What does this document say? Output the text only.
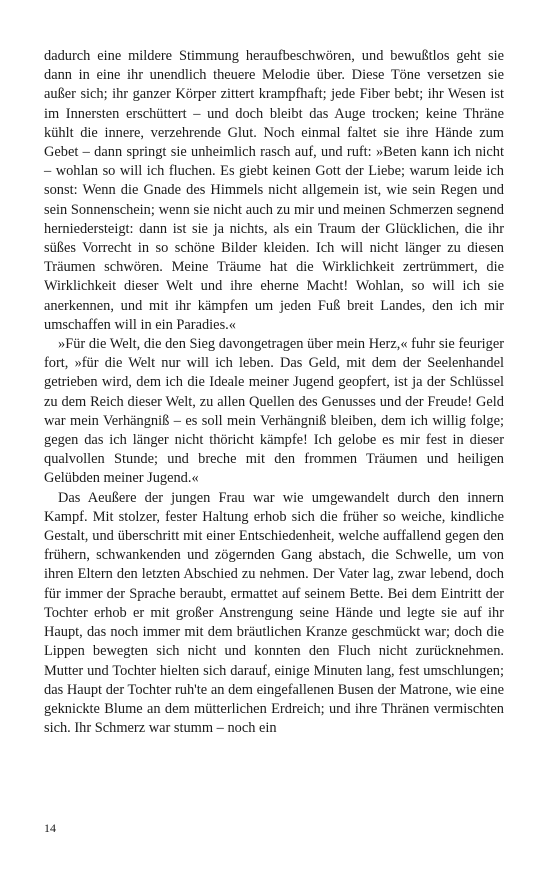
dadurch eine mildere Stimmung heraufbeschwören, und bewußtlos geht sie dann in eine ihr unendlich theuere Melodie über. Diese Töne versetzen sie außer sich; ihr ganzer Körper zittert krampfhaft; jede Fiber bebt; ihr Wesen ist im Innersten erschüttert – und doch bleibt das Auge trocken; keine Thräne kühlt die innere, verzehrende Glut. Noch einmal faltet sie ihre Hände zum Gebet – dann springt sie unheimlich rasch auf, und ruft: »Beten kann ich nicht – wohlan so will ich fluchen. Es giebt keinen Gott der Liebe; warum leide ich sonst: Wenn die Gnade des Himmels nicht allgemein ist, wie sein Regen und sein Sonnenschein; wenn sie nicht auch zu mir und meinen Schmerzen segnend herniedersteigt: dann ist sie ja nichts, als ein Traum der Glücklichen, die ihr süßes Vorrecht in so schöne Bilder kleiden. Ich will nicht länger zu diesen Träumen schwören. Meine Träume hat die Wirklichkeit zertrümmert, die Wirklichkeit dieser Welt und ihre eherne Macht! Wohlan, so will ich sie anerkennen, und mit ihr kämpfen um jeden Fuß breit Landes, den ich mir umschaffen will in ein Paradies.«

»Für die Welt, die den Sieg davongetragen über mein Herz,« fuhr sie feuriger fort, »für die Welt nur will ich leben. Das Geld, mit dem der Seelenhandel getrieben wird, dem ich die Ideale meiner Jugend geopfert, ist ja der Schlüssel zu dem Reich dieser Welt, zu allen Quellen des Genusses und der Freude! Geld war mein Verhängniß – es soll mein Verhängniß bleiben, dem ich willig folge; gegen das ich länger nicht thöricht kämpfe! Ich gelobe es mir fest in dieser qualvollen Stunde; und breche mit den frommen Träumen und heiligen Gelübden meiner Jugend.«

Das Aeußere der jungen Frau war wie umgewandelt durch den innern Kampf. Mit stolzer, fester Haltung erhob sich die früher so weiche, kindliche Gestalt, und überschritt mit einer Entschiedenheit, welche auffallend gegen den frühern, schwankenden und zögernden Gang abstach, die Schwelle, um von ihren Eltern den letzten Abschied zu nehmen. Der Vater lag, zwar lebend, doch für immer der Sprache beraubt, ermattet auf seinem Bette. Bei dem Eintritt der Tochter erhob er mit großer Anstrengung seine Hände und legte sie auf ihr Haupt, das noch immer mit dem bräutlichen Kranze geschmückt war; doch die Lippen bewegten sich nicht und konnten den Fluch nicht zurücknehmen. Mutter und Tochter hielten sich darauf, einige Minuten lang, fest umschlungen; das Haupt der Tochter ruh'te an dem eingefallenen Busen der Matrone, wie eine geknickte Blume an dem mütterlichen Erdreich; und ihre Thränen vermischten sich. Ihr Schmerz war stumm – noch ein

14
